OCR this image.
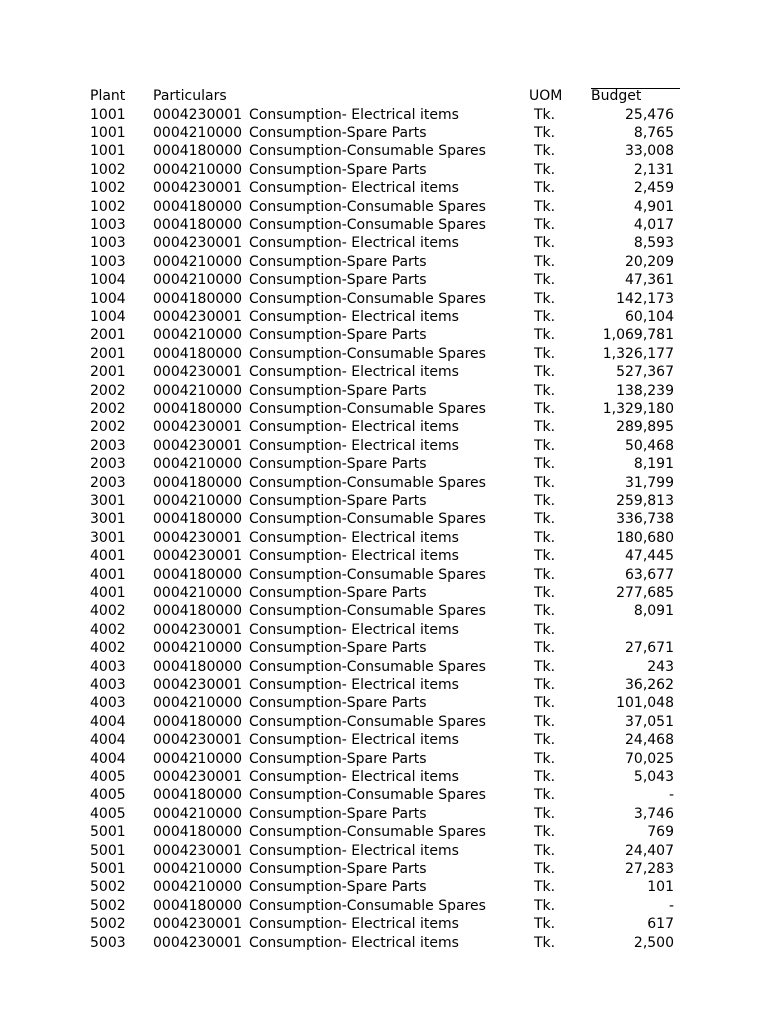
Plant Particulars	UOM Budget
1001 0004230001 Consumption- Electrical items	Tk.	25,476
1001 0004210000 Consumption-Spare Parts	Tk.	8,765
1001 0004180000 Consumption-Consumable Spares	Tk.	33,008
1002 0004210000 Consumption-Spare Parts	Tk.	2,131
1002 0004230001 Consumption- Electrical items	Tk.	2,459
1002 0004180000 Consumption-Consumable Spares	Tk.	4,901
1003 0004180000 Consumption-Consumable Spares	Tk.	4,017
1003 0004230001 Consumption- Electrical items	Tk.	8,593
1003 0004210000 Consumption-Spare Parts	Tk.	20,209
1004 0004210000 Consumption-Spare Parts	Tk.	47,361
1004 0004180000 Consumption-Consumable Spares	Tk.	142,173
1004 0004230001 Consumption- Electrical items	Tk.	60,104
2001 0004210000 Consumption-Spare Parts	Tk.	1,069,781
2001 0004180000 Consumption-Consumable Spares	Tk.	1,326,177
2001 0004230001 Consumption- Electrical items	Tk.	527,367
2002 0004210000 Consumption-Spare Parts	Tk.	138,239
2002 0004180000 Consumption-Consumable Spares	Tk.	1,329,180
2002 0004230001 Consumption- Electrical items	Tk.	289,895
2003 0004230001 Consumption- Electrical items	Tk.	50,468
2003 0004210000 Consumption-Spare Parts	Tk.	8,191
2003 0004180000 Consumption-Consumable Spares	Tk.	31,799
3001 0004210000 Consumption-Spare Parts	Tk.	259,813
3001 0004180000 Consumption-Consumable Spares	Tk.	336,738
3001 0004230001 Consumption- Electrical items	Tk.	180,680
4001 0004230001 Consumption- Electrical items	Tk.	47,445
4001 0004180000 Consumption-Consumable Spares	Tk.	63,677
4001 0004210000 Consumption-Spare Parts	Tk.	277,685
4002 0004180000 Consumption-Consumable Spares	Tk.	8,091
4002 0004230001 Consumption- Electrical items	Tk.
4002 0004210000 Consumption-Spare Parts	Tk.	27,671
4003 0004180000 Consumption-Consumable Spares	Tk.	243
4003 0004230001 Consumption- Electrical items	Tk.	36,262
4003 0004210000 Consumption-Spare Parts	Tk.	101,048
4004 0004180000 Consumption-Consumable Spares	Tk.	37,051
4004 0004230001 Consumption- Electrical items	Tk.	24,468
4004 0004210000 Consumption-Spare Parts	Tk.	70,025
4005 0004230001 Consumption- Electrical items	Tk.	5,043
4005 0004180000 Consumption-Consumable Spares	Tk.	-
4005 0004210000 Consumption-Spare Parts	Tk.	3,746
5001 0004180000 Consumption-Consumable Spares	Tk.	769
5001 0004230001 Consumption- Electrical items	Tk.	24,407
5001 0004210000 Consumption-Spare Parts	Tk.	27,283
5002 0004210000 Consumption-Spare Parts	Tk.	101
5002 0004180000 Consumption-Consumable Spares	Tk.	-
5002 0004230001 Consumption- Electrical items	Tk.	617
5003 0004230001 Consumption- Electrical items	Tk.	2,500
